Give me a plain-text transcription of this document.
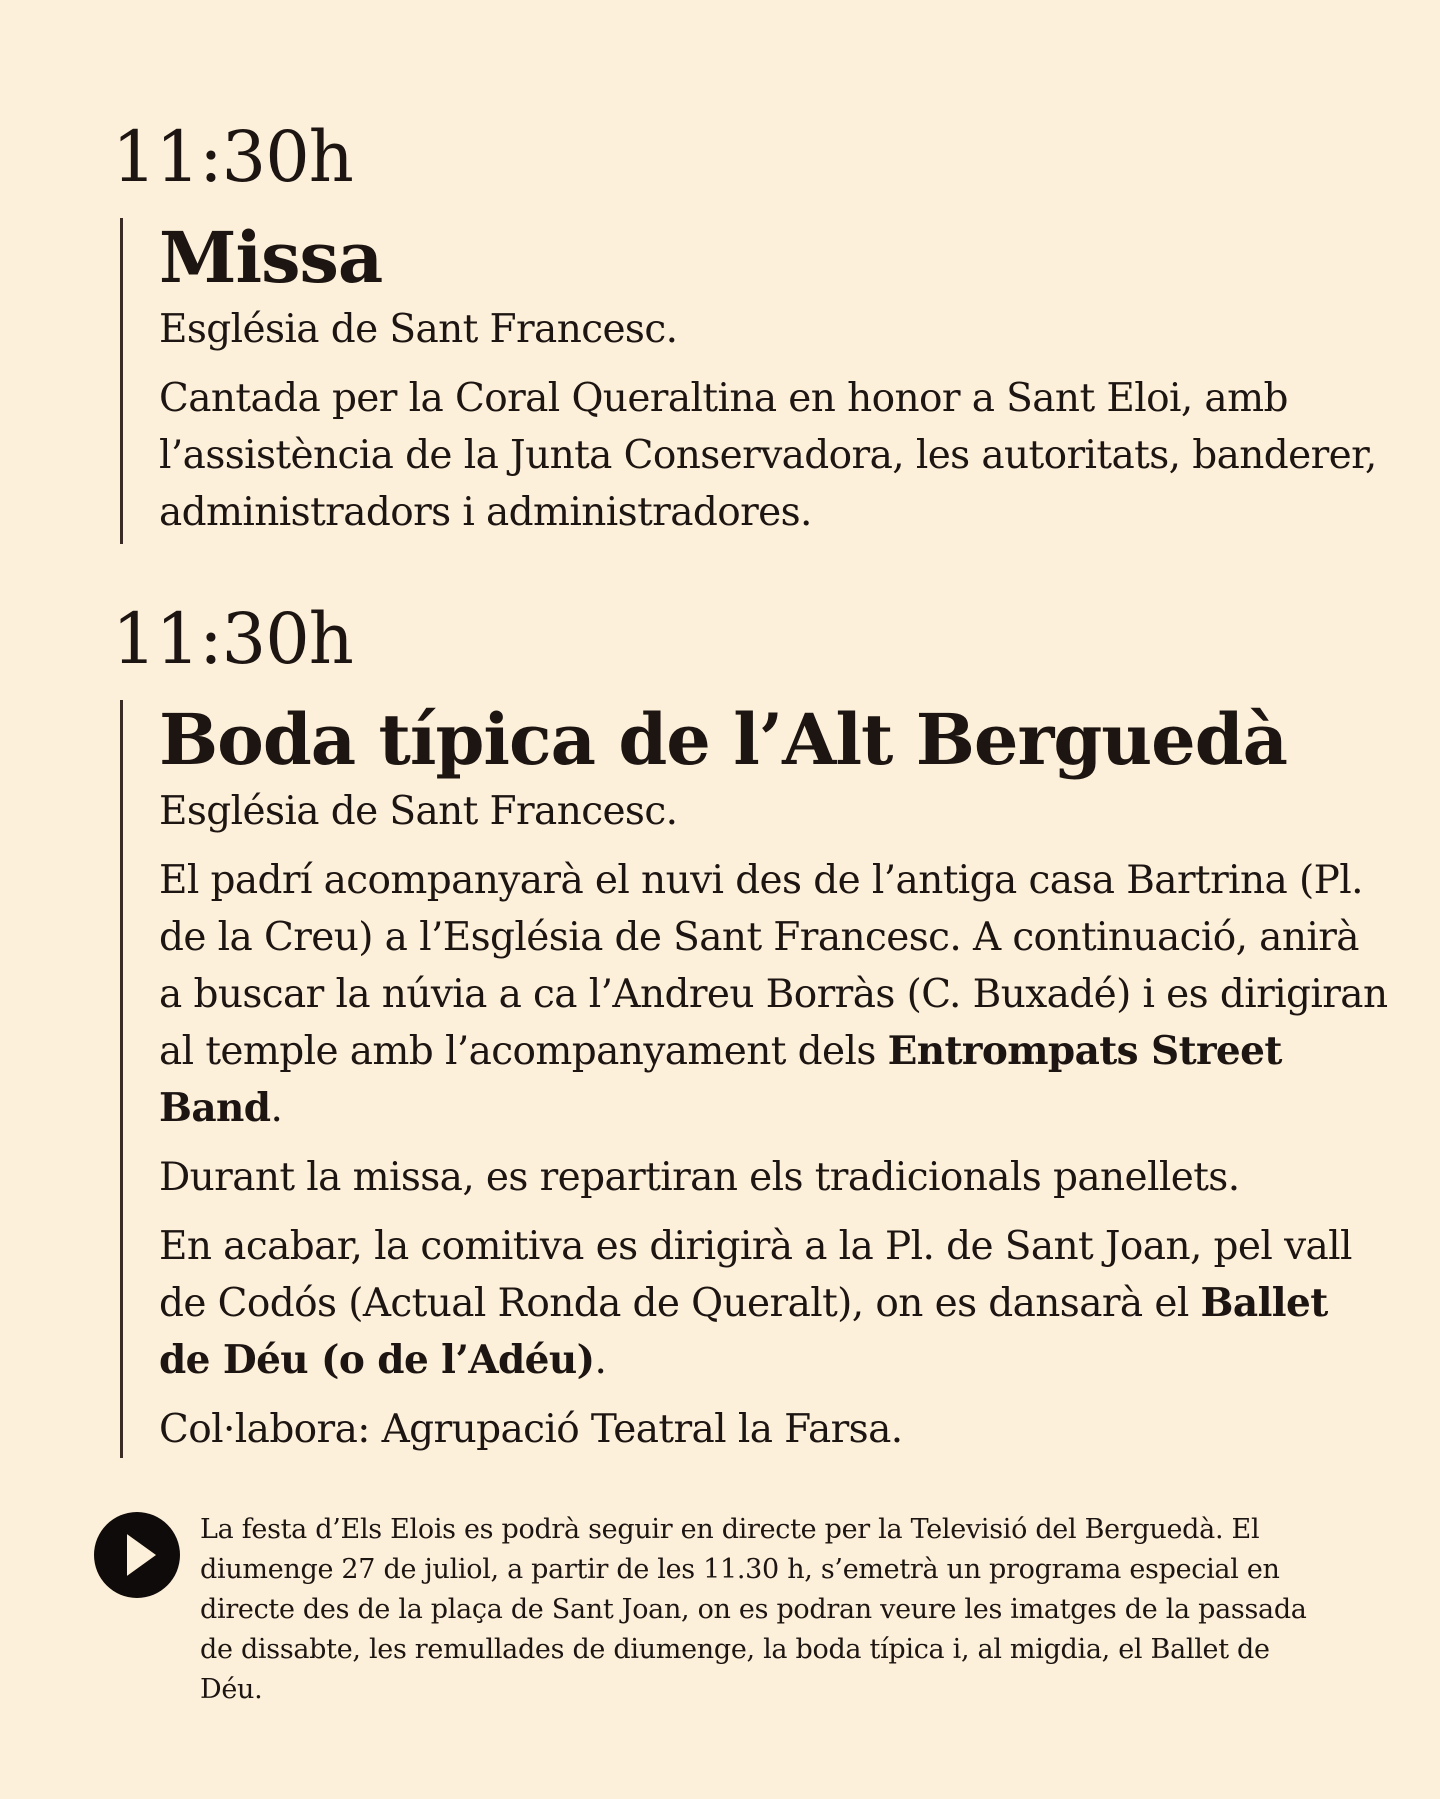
11:30h
Missa

Església de Sant Francesc.

Cantada per la Coral Queraltina en honor a Sant Eloi, amb l’assistència de la Junta Conservadora, les autoritats, banderer, administradors i administradores.

11:30h
Boda típica de l’Alt Berguedà

Església de Sant Francesc.

El padrí acompanyarà el nuvi des de l’antiga casa Bartrina (Pl. de la Creu) a l’Església de Sant Francesc. A continuació, anirà a buscar la núvia a ca l’Andreu Borràs (C. Buxadé) i es dirigiran al temple amb l’acompanyament dels Entrompats Street Band.

Durant la missa, es repartiran els tradicionals panellets.

En acabar, la comitiva es dirigirà a la Pl. de Sant Joan, pel vall de Codós (Actual Ronda de Queralt), on es dansarà el Ballet de Déu (o de l’Adéu).

Col·labora: Agrupació Teatral la Farsa.

La festa d’Els Elois es podrà seguir en directe per la Televisió del Berguedà. El diumenge 27 de juliol, a partir de les 11.30 h, s’emetrà un programa especial en directe des de la plaça de Sant Joan, on es podran veure les imatges de la passada de dissabte, les remullades de diumenge, la boda típica i, al migdia, el Ballet de Déu.
